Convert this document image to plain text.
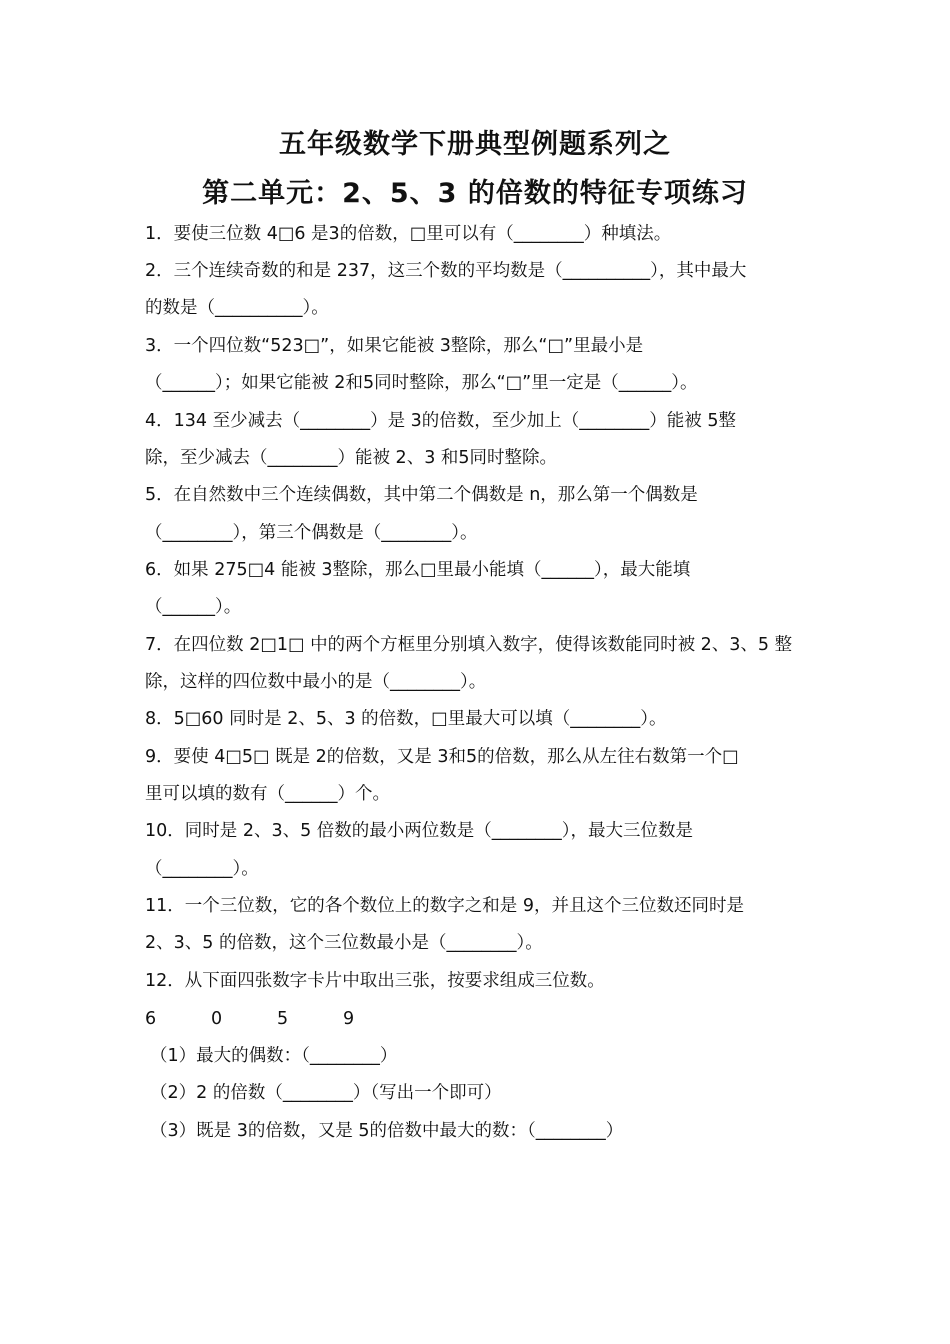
五年级数学下册典型例题系列之
第二单元：2、5、3 的倍数的特征专项练习
1．要使三位数 4□6 是3的倍数，□里可以有（________）种填法。
2．三个连续奇数的和是 237，这三个数的平均数是（__________），其中最大
的数是（__________）。
3．一个四位数“523□”，如果它能被 3整除，那么“□”里最小是
（______）；如果它能被 2和5同时整除，那么“□”里一定是（______）。
4．134 至少减去（________）是 3的倍数，至少加上（________）能被 5整
除，至少减去（________）能被 2、3 和5同时整除。
5．在自然数中三个连续偶数，其中第二个偶数是 n，那么第一个偶数是
（________），第三个偶数是（________）。
6．如果 275□4 能被 3整除，那么□里最小能填（______），最大能填
（______）。
7．在四位数 2□1□ 中的两个方框里分别填入数字，使得该数能同时被 2、3、5 整
除，这样的四位数中最小的是（________）。
8．5□60 同时是 2、5、3 的倍数，□里最大可以填（________）。
9．要使 4□5□ 既是 2的倍数，又是 3和5的倍数，那么从左往右数第一个□
里可以填的数有（______）个。
10．同时是 2、3、5 倍数的最小两位数是（________），最大三位数是
（________）。
11．一个三位数，它的各个数位上的数字之和是 9，并且这个三位数还同时是
2、3、5 的倍数，这个三位数最小是（________）。
12．从下面四张数字卡片中取出三张，按要求组成三位数。
6	0	5	9
（1）最大的偶数：（________）
（2）2 的倍数（________）（写出一个即可）
（3）既是 3的倍数，又是 5的倍数中最大的数：（________）
